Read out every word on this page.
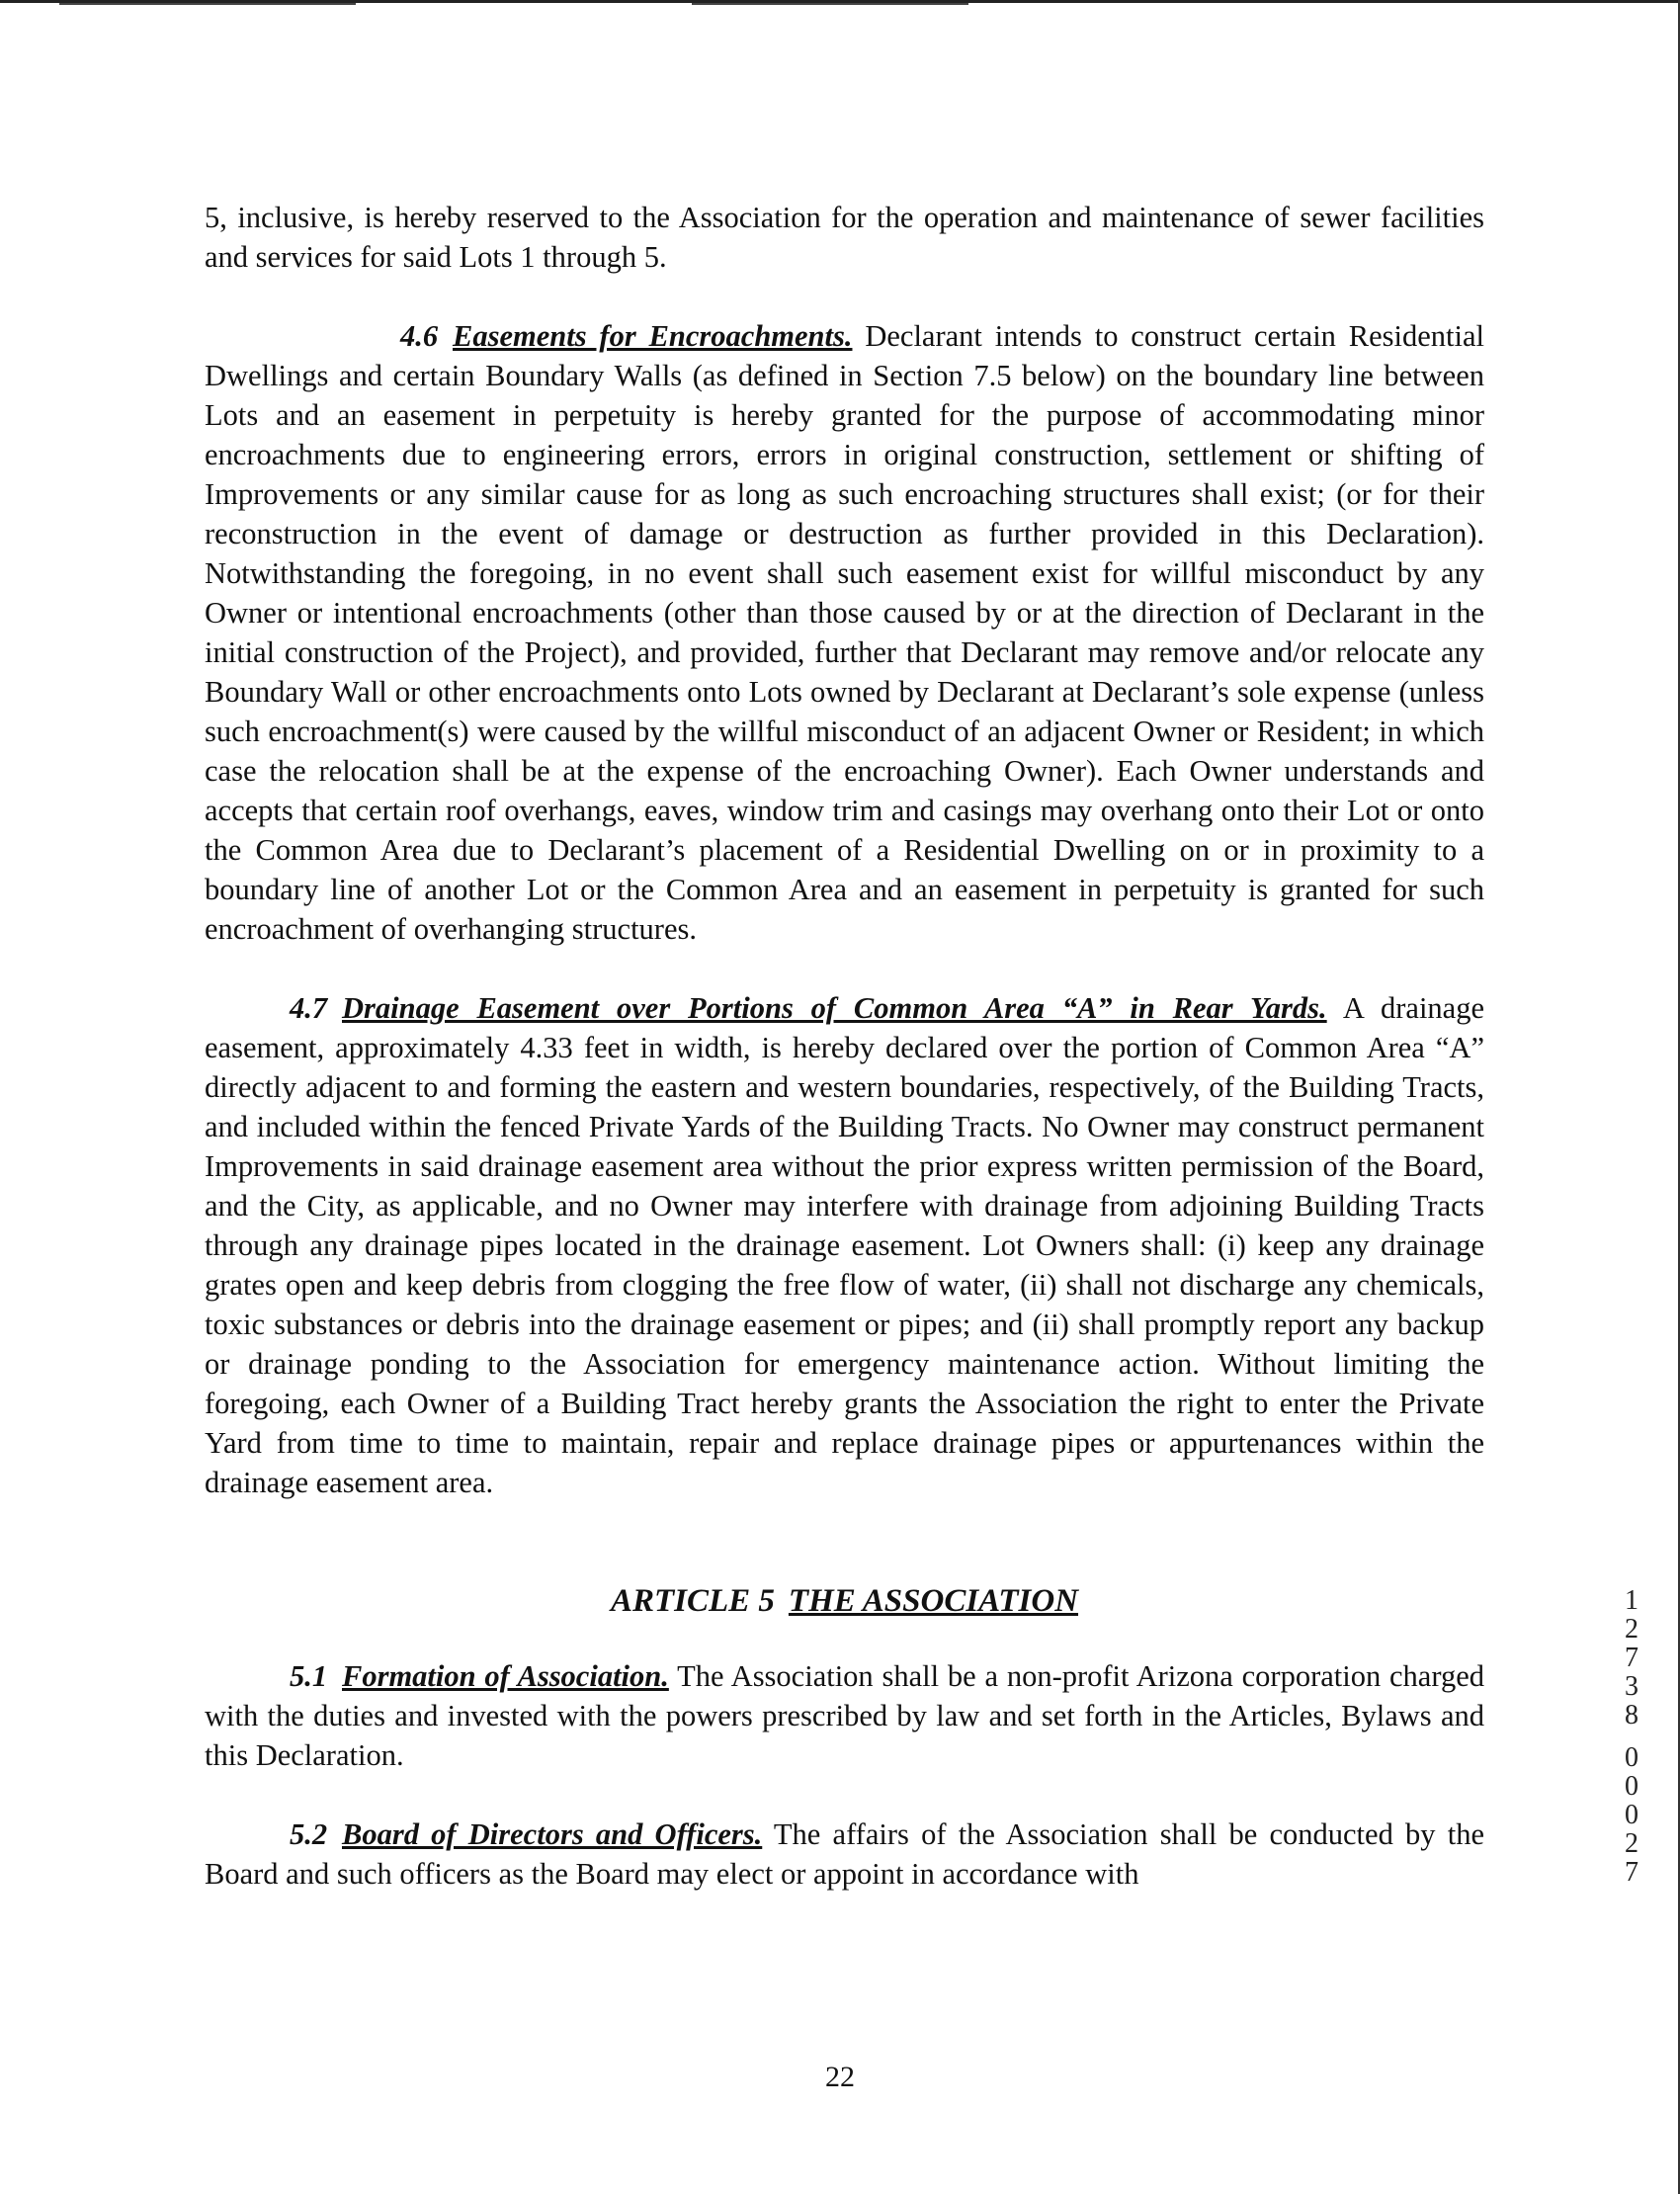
5, inclusive, is hereby reserved to the Association for the operation and maintenance of sewer facilities and services for said Lots 1 through 5.

4.6 Easements for Encroachments. Declarant intends to construct certain Residential Dwellings and certain Boundary Walls (as defined in Section 7.5 below) on the boundary line between Lots and an easement in perpetuity is hereby granted for the purpose of accommodating minor encroachments due to engineering errors, errors in original construction, settlement or shifting of Improvements or any similar cause for as long as such encroaching structures shall exist; (or for their reconstruction in the event of damage or destruction as further provided in this Declaration). Notwithstanding the foregoing, in no event shall such easement exist for willful misconduct by any Owner or intentional encroachments (other than those caused by or at the direction of Declarant in the initial construction of the Project), and provided, further that Declarant may remove and/or relocate any Boundary Wall or other encroachments onto Lots owned by Declarant at Declarant’s sole expense (unless such encroachment(s) were caused by the willful misconduct of an adjacent Owner or Resident; in which case the relocation shall be at the expense of the encroaching Owner). Each Owner understands and accepts that certain roof overhangs, eaves, window trim and casings may overhang onto their Lot or onto the Common Area due to Declarant’s placement of a Residential Dwelling on or in proximity to a boundary line of another Lot or the Common Area and an easement in perpetuity is granted for such encroachment of overhanging structures.

4.7 Drainage Easement over Portions of Common Area “A” in Rear Yards. A drainage easement, approximately 4.33 feet in width, is hereby declared over the portion of Common Area “A” directly adjacent to and forming the eastern and western boundaries, respectively, of the Building Tracts, and included within the fenced Private Yards of the Building Tracts. No Owner may construct permanent Improvements in said drainage easement area without the prior express written permission of the Board, and the City, as applicable, and no Owner may interfere with drainage from adjoining Building Tracts through any drainage pipes located in the drainage easement. Lot Owners shall: (i) keep any drainage grates open and keep debris from clogging the free flow of water, (ii) shall not discharge any chemicals, toxic substances or debris into the drainage easement or pipes; and (ii) shall promptly report any backup or drainage ponding to the Association for emergency maintenance action. Without limiting the foregoing, each Owner of a Building Tract hereby grants the Association the right to enter the Private Yard from time to time to maintain, repair and replace drainage pipes or appurtenances within the drainage easement area.

ARTICLE 5 THE ASSOCIATION

5.1 Formation of Association. The Association shall be a non-profit Arizona corporation charged with the duties and invested with the powers prescribed by law and set forth in the Articles, Bylaws and this Declaration.

5.2 Board of Directors and Officers. The affairs of the Association shall be conducted by the Board and such officers as the Board may elect or appoint in accordance with

1
2
7
3
8
0
0
0
2
7
22
